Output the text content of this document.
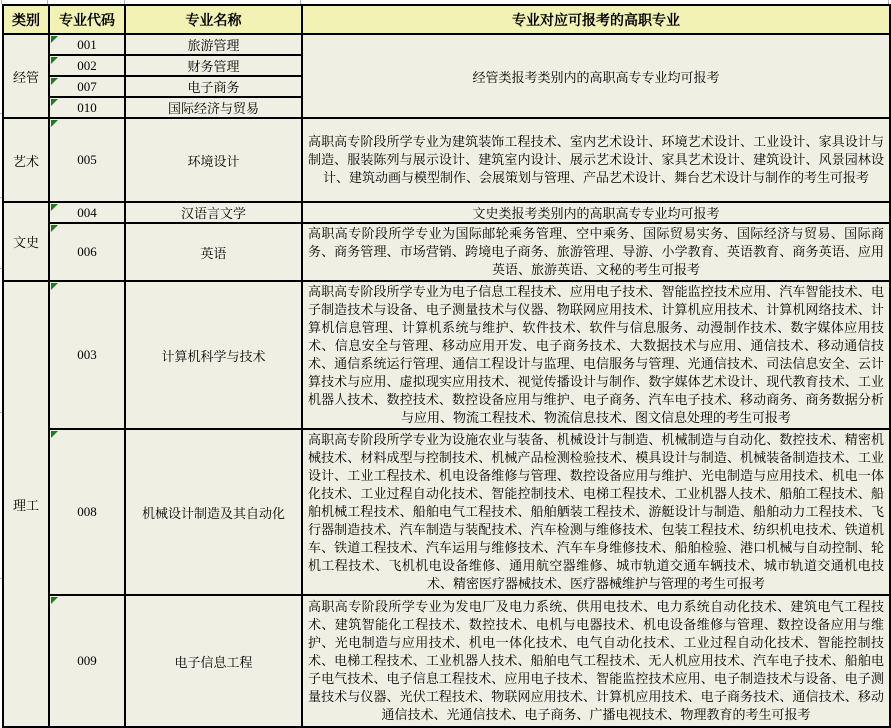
类别	专业代码	专业名称	专业对应可报考的高职专业
经管	001	旅游管理	经管类报考类别内的高职高专专业均可报考

002	财务管理	

007	电子商务	

010	国际经济与贸易	
艺术	005	环境设计	高职高专阶段所学专业为建筑装饰工程技术、室内艺术设计、环境艺术设计、工业设计、家具设计与制造、服装陈列与展示设计、建筑室内设计、展示艺术设计、家具艺术设计、建筑设计、风景园林设计、建筑动画与模型制作、会展策划与管理、产品艺术设计、舞台艺术设计与制作的考生可报考
文史	004	汉语言文学	文史类报考类别内的高职高专专业均可报考

006	英语	高职高专阶段所学专业为国际邮轮乘务管理、空中乘务、国际贸易实务、国际经济与贸易、国际商务、商务管理、市场营销、跨境电子商务、旅游管理、导游、小学教育、英语教育、商务英语、应用英语、旅游英语、文秘的考生可报考
理工	003	计算机科学与技术	高职高专阶段所学专业为电子信息工程技术、应用电子技术、智能监控技术应用、汽车智能技术、电子制造技术与设备、电子测量技术与仪器、物联网应用技术、计算机应用技术、计算机网络技术、计算机信息管理、计算机系统与维护、软件技术、软件与信息服务、动漫制作技术、数字媒体应用技术、信息安全与管理、移动应用开发、电子商务技术、大数据技术与应用、通信技术、移动通信技术、通信系统运行管理、通信工程设计与监理、电信服务与管理、光通信技术、司法信息安全、云计算技术与应用、虚拟现实应用技术、视觉传播设计与制作、数字媒体艺术设计、现代教育技术、工业机器人技术、数控技术、数控设备应用与维护、电子商务、汽车电子技术、移动商务、商务数据分析与应用、物流工程技术、物流信息技术、图文信息处理的考生可报考

008	机械设计制造及其自动化	高职高专阶段所学专业为设施农业与装备、机械设计与制造、机械制造与自动化、数控技术、精密机械技术、材料成型与控制技术、机械产品检测检验技术、模具设计与制造、机械装备制造技术、工业设计、工业工程技术、机电设备维修与管理、数控设备应用与维护、光电制造与应用技术、机电一体化技术、工业过程自动化技术、智能控制技术、电梯工程技术、工业机器人技术、船舶工程技术、船舶机械工程技术、船舶电气工程技术、船舶舾装工程技术、游艇设计与制造、船舶动力工程技术、飞行器制造技术、汽车制造与装配技术、汽车检测与维修技术、包装工程技术、纺织机电技术、铁道机车、铁道工程技术、汽车运用与维修技术、汽车车身维修技术、船舶检验、港口机械与自动控制、轮机工程技术、飞机机电设备维修、通用航空器维修、城市轨道交通车辆技术、城市轨道交通机电技术、精密医疗器械技术、医疗器械维护与管理的考生可报考

009	电子信息工程	高职高专阶段所学专业为发电厂及电力系统、供用电技术、电力系统自动化技术、建筑电气工程技术、建筑智能化工程技术、数控技术、电机与电器技术、机电设备维修与管理、数控设备应用与维护、光电制造与应用技术、机电一体化技术、电气自动化技术、工业过程自动化技术、智能控制技术、电梯工程技术、工业机器人技术、船舶电气工程技术、无人机应用技术、汽车电子技术、船舶电子电气技术、电子信息工程技术、应用电子技术、智能监控技术应用、电子制造技术与设备、电子测量技术与仪器、光伏工程技术、物联网应用技术、计算机应用技术、电子商务技术、通信技术、移动通信技术、光通信技术、电子商务、广播电视技术、物理教育的考生可报考
